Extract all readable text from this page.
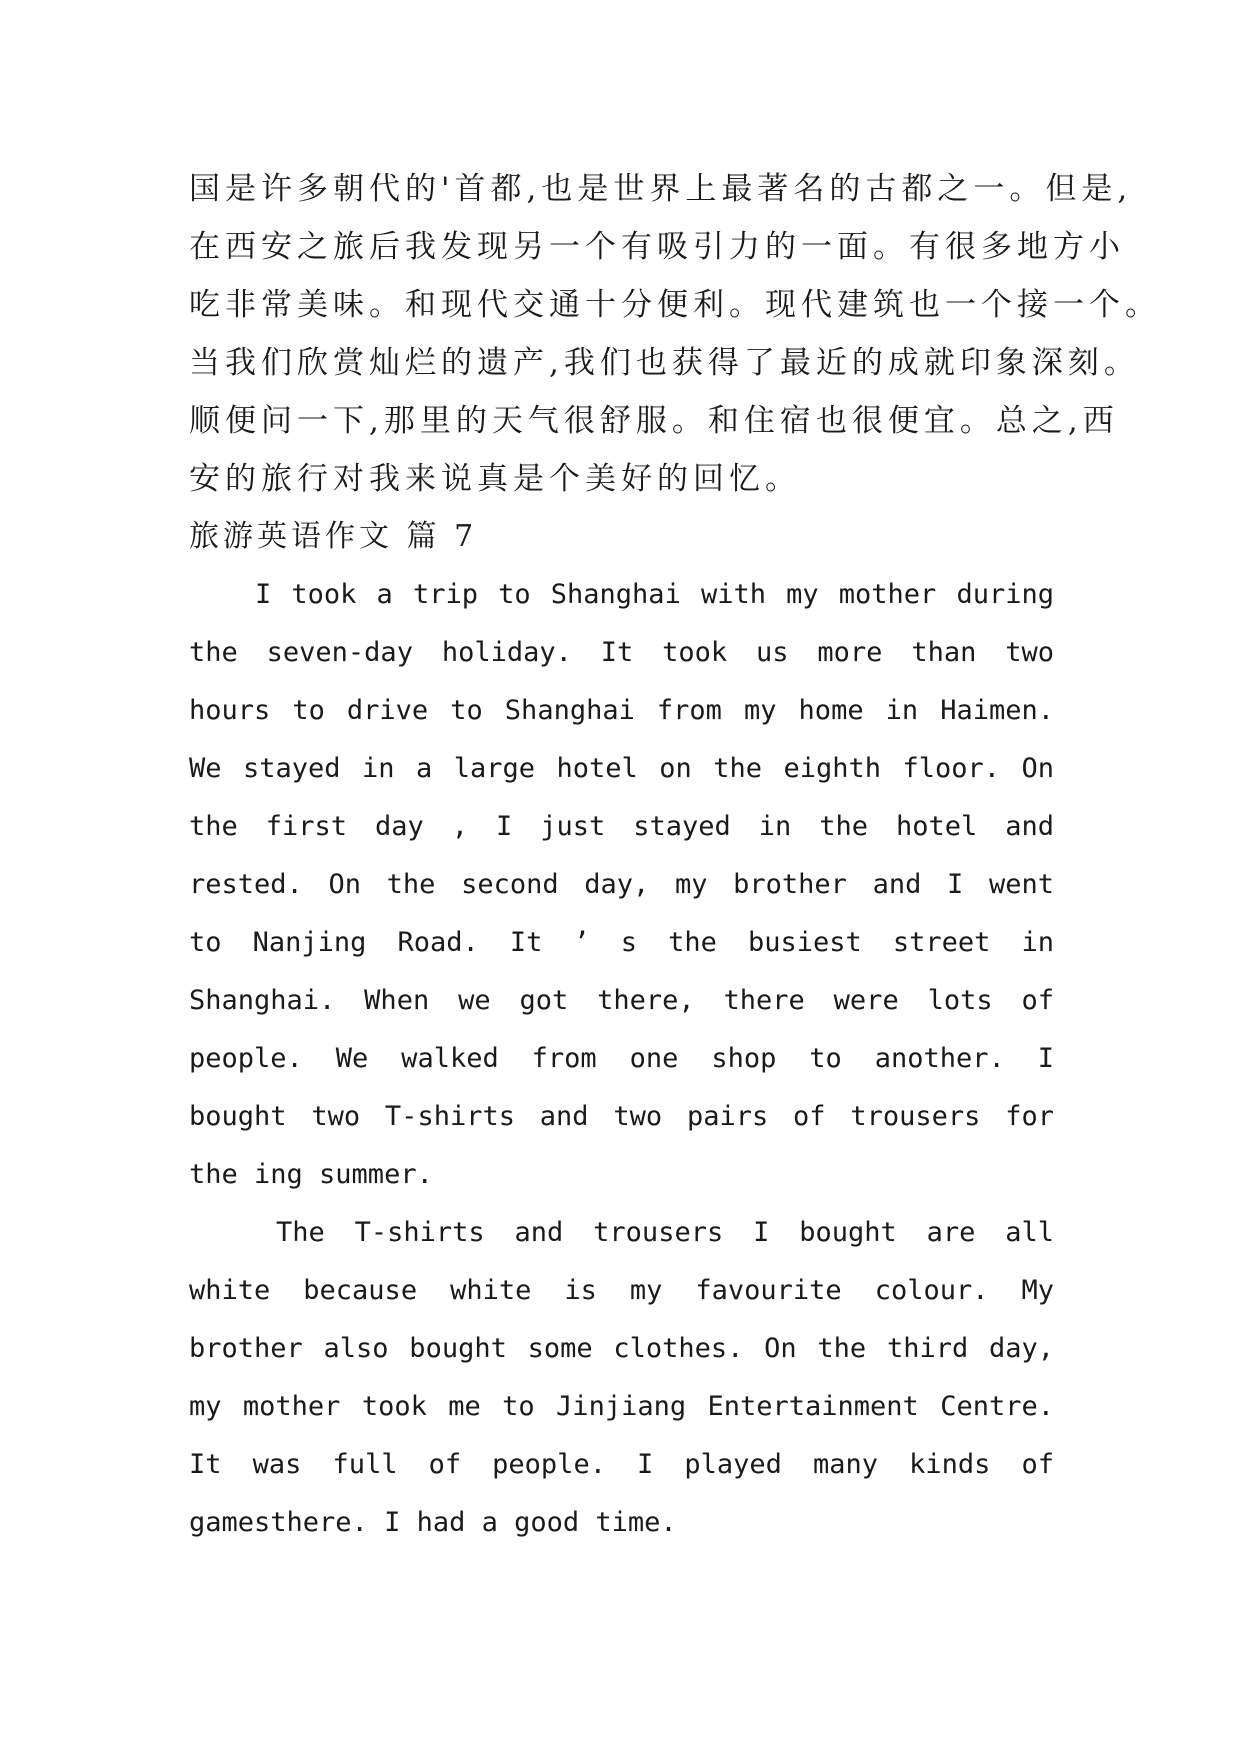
国是许多朝代的'首都,也是世界上最著名的古都之一。但是,
在西安之旅后我发现另一个有吸引力的一面。有很多地方小
吃非常美味。和现代交通十分便利。现代建筑也一个接一个。
当我们欣赏灿烂的遗产,我们也获得了最近的成就印象深刻。
顺便问一下,那里的天气很舒服。和住宿也很便宜。总之,西
安的旅行对我来说真是个美好的回忆。
旅游英语作文 篇 7
I took a trip to Shanghai with my mother during
the seven-day holiday. It took us more than two
hours to drive to Shanghai from my home in Haimen.
We stayed in a large hotel on the eighth floor. On
the first day , I just stayed in the hotel and
rested. On the second day, my brother and I went
to Nanjing Road. It ’ s the busiest street in
Shanghai. When we got there, there were lots of
people. We walked from one shop to another. I
bought two T-shirts and two pairs of trousers for
the ing summer.
The T-shirts and trousers I bought are all
white because white is my favourite colour. My
brother also bought some clothes. On the third day,
my mother took me to Jinjiang Entertainment Centre.
It was full of people. I played many kinds of
gamesthere. I had a good time.
